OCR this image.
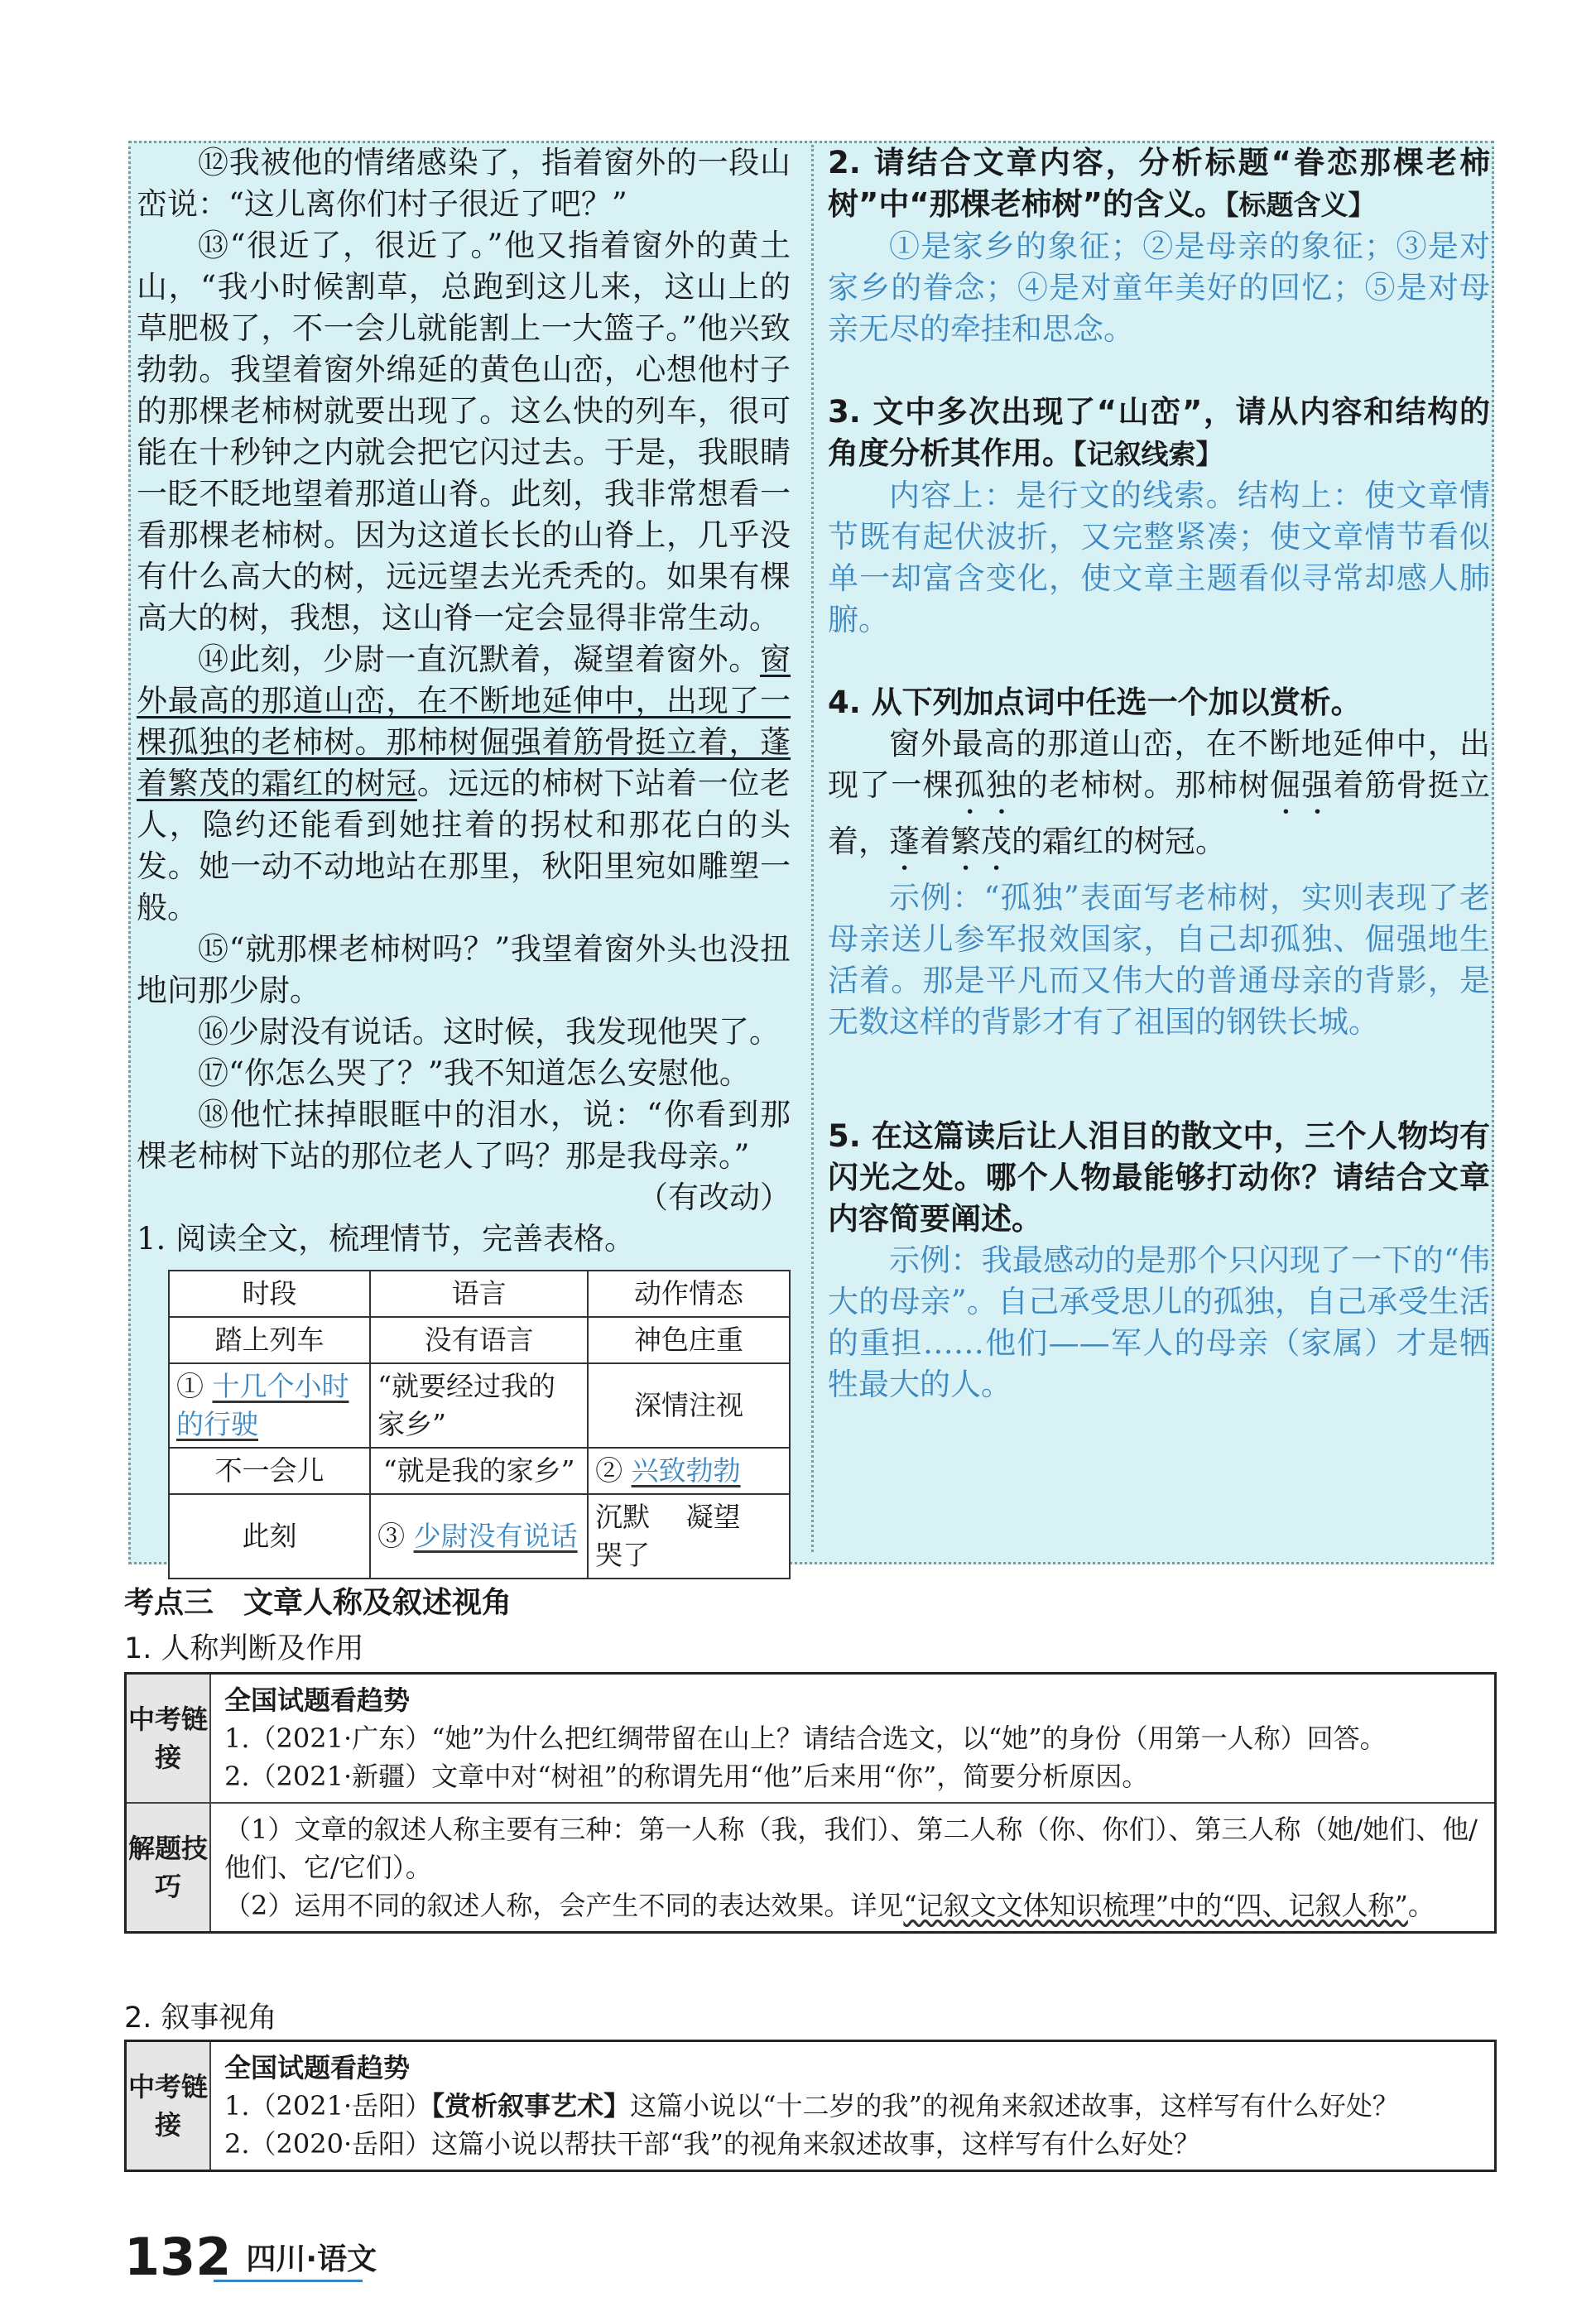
⑫我被他的情绪感染了，指着窗外的一段山峦说：“这儿离你们村子很近了吧？”

⑬“很近了，很近了。”他又指着窗外的黄土山，“我小时候割草，总跑到这儿来，这山上的草肥极了，不一会儿就能割上一大篮子。”他兴致勃勃。我望着窗外绵延的黄色山峦，心想他村子的那棵老柿树就要出现了。这么快的列车，很可能在十秒钟之内就会把它闪过去。于是，我眼睛一眨不眨地望着那道山脊。此刻，我非常想看一看那棵老柿树。因为这道长长的山脊上，几乎没有什么高大的树，远远望去光秃秃的。如果有棵高大的树，我想，这山脊一定会显得非常生动。

⑭此刻，少尉一直沉默着，凝望着窗外。窗外最高的那道山峦，在不断地延伸中，出现了一棵孤独的老柿树。那柿树倔强着筋骨挺立着，蓬着繁茂的霜红的树冠。远远的柿树下站着一位老人，隐约还能看到她拄着的拐杖和那花白的头发。她一动不动地站在那里，秋阳里宛如雕塑一般。

⑮“就那棵老柿树吗？”我望着窗外头也没扭地问那少尉。

⑯少尉没有说话。这时候，我发现他哭了。

⑰“你怎么哭了？”我不知道怎么安慰他。

⑱他忙抹掉眼眶中的泪水，说：“你看到那棵老柿树下站的那位老人了吗？那是我母亲。”

（有改动）

1. 阅读全文，梳理情节，完善表格。

时段	语言	动作情态
踏上列车	没有语言	神色庄重
① 十几个小时的行驶	“就要经过我的家乡”	深情注视
不一会儿	“就是我的家乡”	② 兴致勃勃
此刻	③ 少尉没有说话	沉默　 凝望　哭了

2. 请结合文章内容，分析标题“眷恋那棵老柿树”中“那棵老柿树”的含义。【标题含义】

①是家乡的象征；②是母亲的象征；③是对家乡的眷念；④是对童年美好的回忆；⑤是对母亲无尽的牵挂和思念。

3. 文中多次出现了“山峦”，请从内容和结构的角度分析其作用。【记叙线索】

内容上：是行文的线索。结构上：使文章情节既有起伏波折，又完整紧凑；使文章情节看似单一却富含变化，使文章主题看似寻常却感人肺腑。

4. 从下列加点词中任选一个加以赏析。

窗外最高的那道山峦，在不断地延伸中，出现了一棵孤独的老柿树。那柿树倔强着筋骨挺立着，蓬着繁茂的霜红的树冠。

示例：“孤独”表面写老柿树，实则表现了老母亲送儿参军报效国家，自己却孤独、倔强地生活着。那是平凡而又伟大的普通母亲的背影，是无数这样的背影才有了祖国的钢铁长城。

5. 在这篇读后让人泪目的散文中，三个人物均有闪光之处。哪个人物最能够打动你？请结合文章内容简要阐述。

示例：我最感动的是那个只闪现了一下的“伟大的母亲”。自己承受思儿的孤独，自己承受生活的重担……他们——军人的母亲（家属）才是牺牲最大的人。

考点三　文章人称及叙述视角
1. 人称判断及作用
中考链接

全国试题看趋势

1.（2021·广东）“她”为什么把红绸带留在山上？请结合选文，以“她”的身份（用第一人称）回答。

2.（2021·新疆）文章中对“树祖”的称谓先用“他”后来用“你”，简要分析原因。

解题技巧

（1）文章的叙述人称主要有三种：第一人称（我，我们）、第二人称（你、你们）、第三人称（她/她们、他/他们、它/它们）。

（2）运用不同的叙述人称，会产生不同的表达效果。详见“记叙文文体知识梳理”中的“四、记叙人称”。

2. 叙事视角
中考链接

全国试题看趋势

1.（2021·岳阳）【赏析叙事艺术】这篇小说以“十二岁的我”的视角来叙述故事，这样写有什么好处？

2.（2020·岳阳）这篇小说以帮扶干部“我”的视角来叙述故事，这样写有什么好处？

132 四川·语文
